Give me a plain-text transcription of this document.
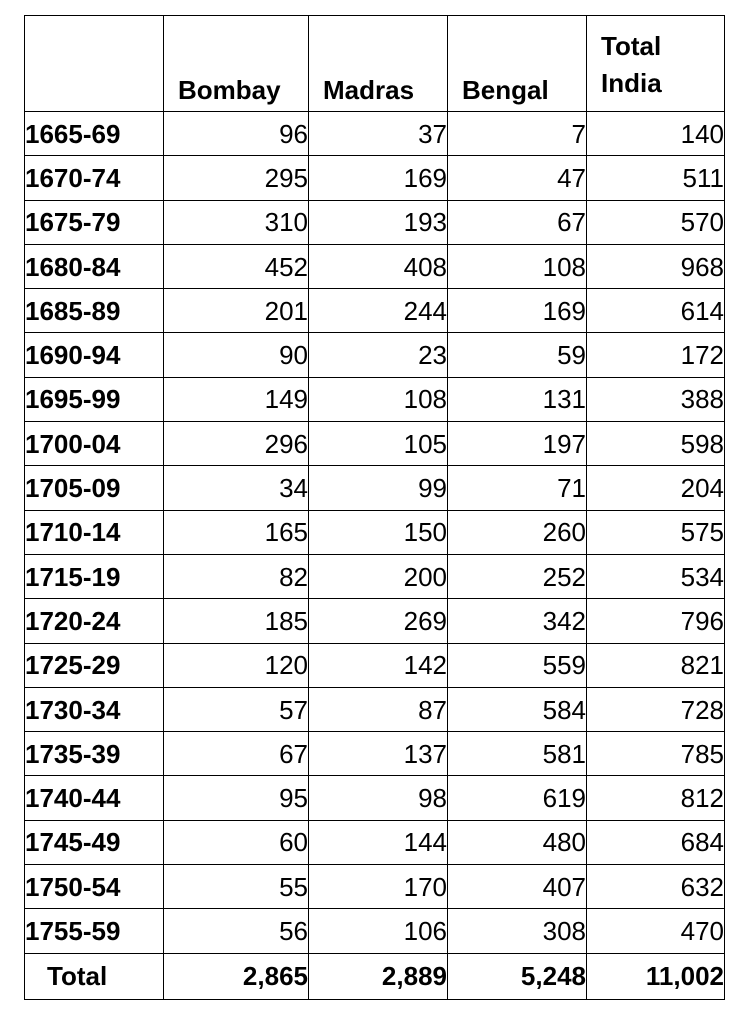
	Bombay	Madras	Bengal	Total India
1665-69	96	37	7	140
1670-74	295	169	47	511
1675-79	310	193	67	570
1680-84	452	408	108	968
1685-89	201	244	169	614
1690-94	90	23	59	172
1695-99	149	108	131	388
1700-04	296	105	197	598
1705-09	34	99	71	204
1710-14	165	150	260	575
1715-19	82	200	252	534
1720-24	185	269	342	796
1725-29	120	142	559	821
1730-34	57	87	584	728
1735-39	67	137	581	785
1740-44	95	98	619	812
1745-49	60	144	480	684
1750-54	55	170	407	632
1755-59	56	106	308	470
Total	2,865	2,889	5,248	11,002
